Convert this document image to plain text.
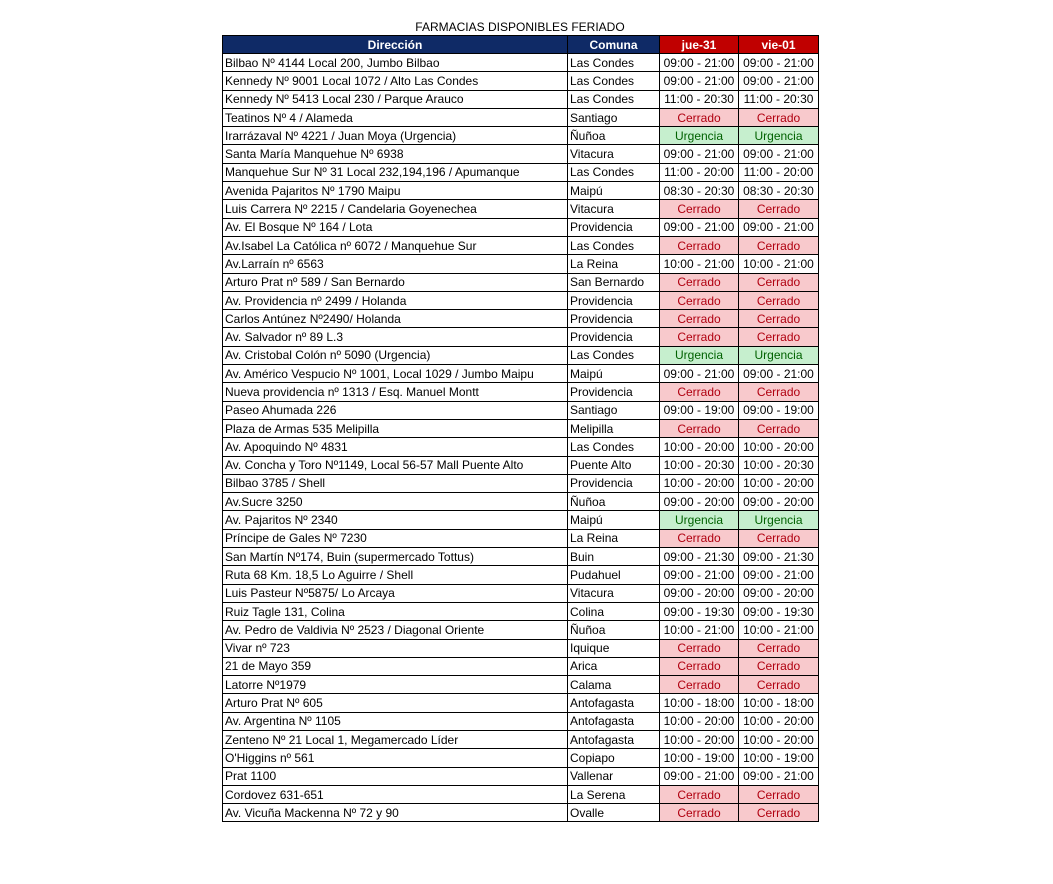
FARMACIAS DISPONIBLES FERIADO
Dirección	Comuna	jue-31	vie-01
Bilbao Nº 4144 Local 200, Jumbo Bilbao	Las Condes	09:00 - 21:00	09:00 - 21:00
Kennedy Nº 9001 Local 1072 / Alto Las Condes	Las Condes	09:00 - 21:00	09:00 - 21:00
Kennedy Nº 5413 Local 230 / Parque Arauco	Las Condes	11:00 - 20:30	11:00 - 20:30
Teatinos Nº 4 / Alameda	Santiago	Cerrado	Cerrado
Irarrázaval Nº 4221 / Juan Moya (Urgencia)	Ñuñoa	Urgencia	Urgencia
Santa María Manquehue Nº 6938	Vitacura	09:00 - 21:00	09:00 - 21:00
Manquehue Sur Nº 31 Local 232,194,196 / Apumanque	Las Condes	11:00 - 20:00	11:00 - 20:00
Avenida Pajaritos Nº 1790 Maipu	Maipú	08:30 - 20:30	08:30 - 20:30
Luis Carrera Nº 2215 / Candelaria Goyenechea	Vitacura	Cerrado	Cerrado
Av. El Bosque Nº 164 / Lota	Providencia	09:00 - 21:00	09:00 - 21:00
Av.Isabel La Católica nº 6072 / Manquehue Sur	Las Condes	Cerrado	Cerrado
Av.Larraín nº 6563	La Reina	10:00 - 21:00	10:00 - 21:00
Arturo Prat nº 589 / San Bernardo	San Bernardo	Cerrado	Cerrado
Av. Providencia nº 2499 / Holanda	Providencia	Cerrado	Cerrado
Carlos Antúnez Nº2490/ Holanda	Providencia	Cerrado	Cerrado
Av. Salvador nº 89 L.3	Providencia	Cerrado	Cerrado
Av. Cristobal Colón nº 5090 (Urgencia)	Las Condes	Urgencia	Urgencia
Av. Américo Vespucio Nº 1001, Local 1029 / Jumbo Maipu	Maipú	09:00 - 21:00	09:00 - 21:00
Nueva providencia nº 1313 / Esq. Manuel Montt	Providencia	Cerrado	Cerrado
Paseo Ahumada 226	Santiago	09:00 - 19:00	09:00 - 19:00
Plaza de Armas 535 Melipilla	Melipilla	Cerrado	Cerrado
Av. Apoquindo Nº 4831	Las Condes	10:00 - 20:00	10:00 - 20:00
Av. Concha y Toro Nº1149, Local 56-57 Mall Puente Alto	Puente Alto	10:00 - 20:30	10:00 - 20:30
Bilbao 3785 / Shell	Providencia	10:00 - 20:00	10:00 - 20:00
Av.Sucre 3250	Ñuñoa	09:00 - 20:00	09:00 - 20:00
Av. Pajaritos Nº 2340	Maipú	Urgencia	Urgencia
Príncipe de Gales Nº 7230	La Reina	Cerrado	Cerrado
San Martín Nº174, Buin (supermercado Tottus)	Buin	09:00 - 21:30	09:00 - 21:30
Ruta 68 Km. 18,5 Lo Aguirre / Shell	Pudahuel	09:00 - 21:00	09:00 - 21:00
Luis Pasteur Nº5875/ Lo Arcaya	Vitacura	09:00 - 20:00	09:00 - 20:00
Ruiz Tagle 131, Colina	Colina	09:00 - 19:30	09:00 - 19:30
Av. Pedro de Valdivia Nº 2523 / Diagonal Oriente	Ñuñoa	10:00 - 21:00	10:00 - 21:00
Vivar nº 723	Iquique	Cerrado	Cerrado
21 de Mayo 359	Arica	Cerrado	Cerrado
Latorre Nº1979	Calama	Cerrado	Cerrado
Arturo Prat Nº 605	Antofagasta	10:00 - 18:00	10:00 - 18:00
Av. Argentina Nº 1105	Antofagasta	10:00 - 20:00	10:00 - 20:00
Zenteno Nº 21 Local 1, Megamercado Líder	Antofagasta	10:00 - 20:00	10:00 - 20:00
O'Higgins nº 561	Copiapo	10:00 - 19:00	10:00 - 19:00
Prat 1100	Vallenar	09:00 - 21:00	09:00 - 21:00
Cordovez 631-651	La Serena	Cerrado	Cerrado
Av. Vicuña Mackenna Nº 72 y 90	Ovalle	Cerrado	Cerrado
